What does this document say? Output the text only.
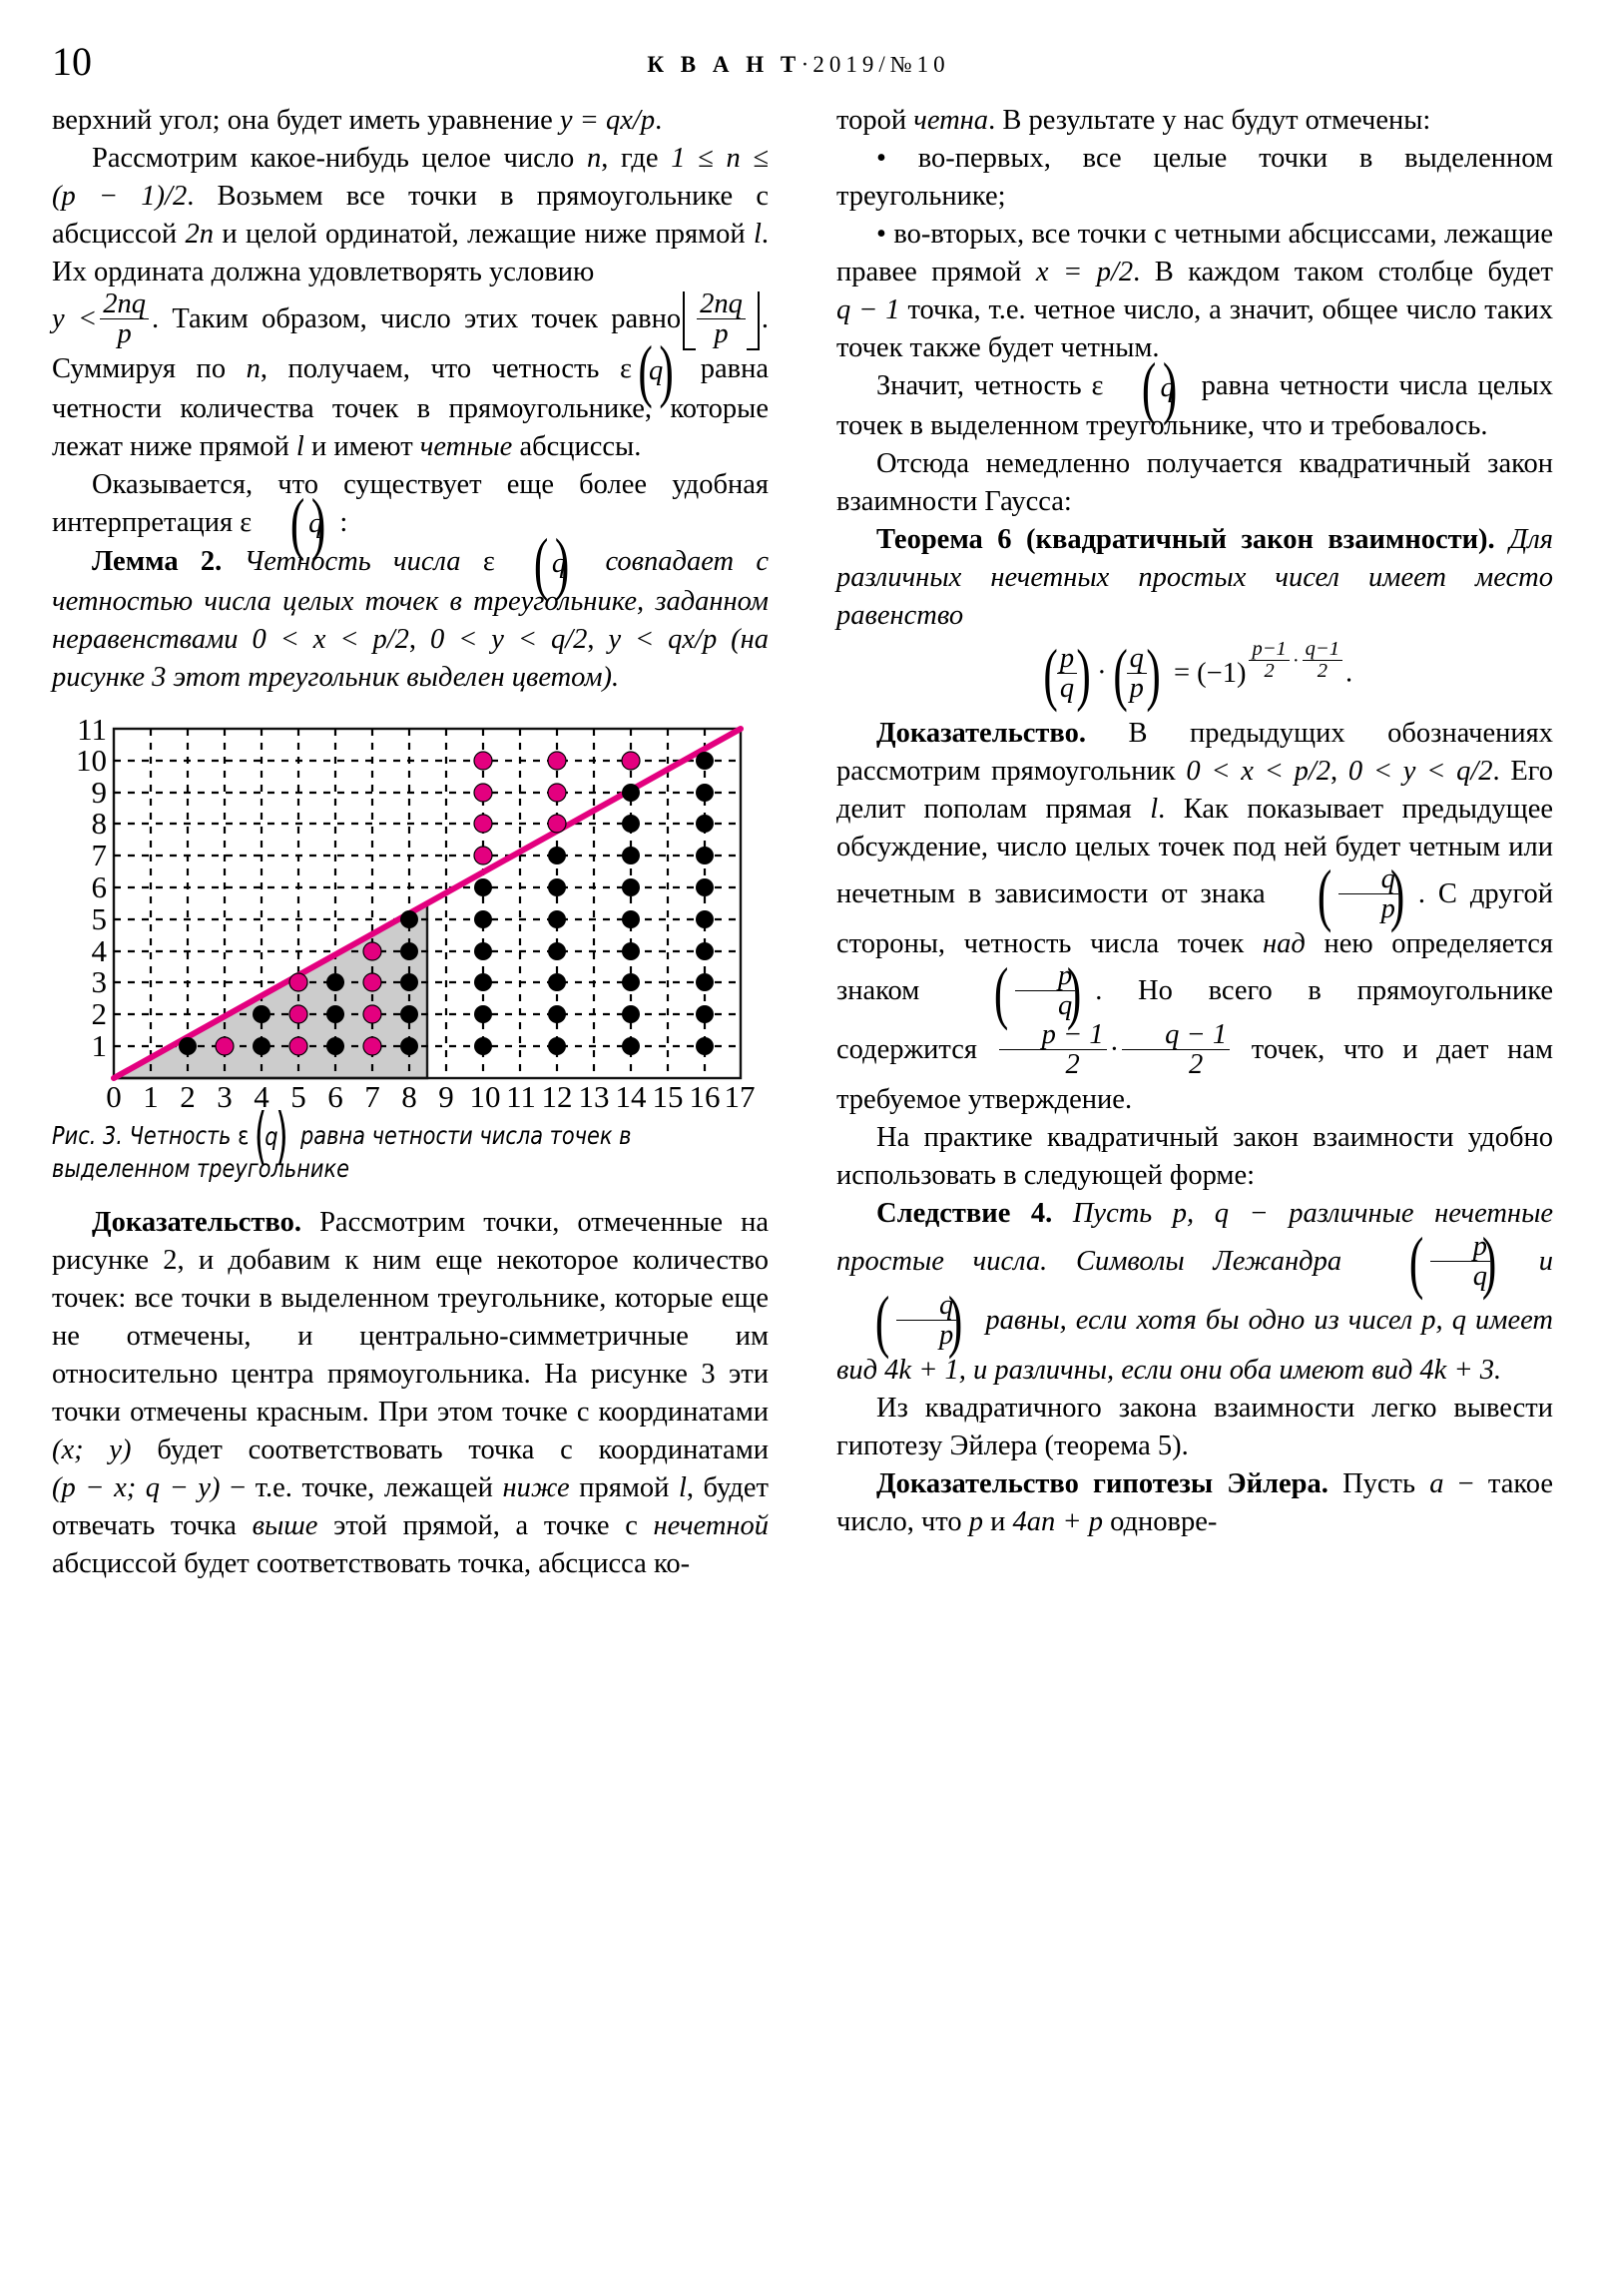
10	К В А Н Т·2019/№10

верхний угол; она будет иметь уравнение y = qx/p.

Рассмотрим какое-нибудь целое число n, где 1 ≤ n ≤ (p − 1)/2. Возьмем все точки в прямоугольнике с абсциссой 2n и целой ординатой, лежащие ниже прямой l. Их ордината должна удовлетворять условию

$y < \frac{2nq}{p}$ . Таким образом, число этих точек равно $\frac{2nq}{p}$ . Суммируя по n, получаем, что четность ε ( q ) равна четности количества точек в прямоугольнике, которые лежат ниже прямой l и имеют четные абсциссы.

Оказывается, что существует еще более удобная интерпретация ε ( q ) :

Лемма 2. Четность числа ε ( q ) совпадает с четностью числа целых точек в треугольнике, заданном неравенствами 0 < x < p/2, 0 < y < q/2, y < qx/p (на рисунке 3 этот треугольник выделен цветом).

1
2
3
4
5
6
7
8
9
10
11
0 1 2 3 4 5 6 7 8 9 10 11 12 13 14 15 16 17
Рис. 3. Четность ε ( q ) равна четности числа точек в выделенном треугольнике

Доказательство. Рассмотрим точки, отмеченные на рисунке 2, и добавим к ним еще некоторое количество точек: все точки в выделенном треугольнике, которые еще не отмечены, и центрально-симметричные им относительно центра прямоугольника. На рисунке 3 эти точки отмечены красным. При этом точке с координатами (x; y) будет соответствовать точка с координатами (p − x; q − y) − т.е. точке, лежащей ниже прямой l, будет отвечать точка выше этой прямой, а точке с нечетной абсциссой будет соответствовать точка, абсцисса ко-

торой четна. В результате у нас будут отмечены:

• во-первых, все целые точки в выделенном треугольнике;

• во-вторых, все точки с четными абсциссами, лежащие правее прямой x = p/2. В каждом таком столбце будет q − 1 точка, т.е. четное число, а значит, общее число таких точек также будет четным.

Значит, четность ε ( q ) равна четности числа целых точек в выделенном треугольнике, что и требовалось.

Отсюда немедленно получается квадратичный закон взаимности Гаусса:

Теорема 6 (квадратичный закон взаимности). Для различных нечетных простых чисел имеет место равенство

( $\frac{p}{q}$
) · ( $\frac{q}{p}$
) = $(-1) \frac{p-1}{2} \cdot \frac{q-1}{2}$ .

Доказательство. В предыдущих обозначениях рассмотрим прямоугольник 0 < x < p/2, 0 < y < q/2. Его делит пополам прямая l. Как показывает предыдущее обсуждение, число целых точек под ней будет четным или нечетным в зависимости от знака	( $\frac{q}{p}$
) . С другой стороны, четность числа точек над нею определяется знаком	( $\frac{p}{q}$
) . Но всего в прямоугольнике содержится $\frac{p - 1}{2} \cdot \frac{q - 1}{2}$ точек, что и дает нам требуемое утверждение.

На практике квадратичный закон взаимности удобно использовать в следующей форме:

Следствие 4. Пусть p, q − различные нечетные простые числа. Символы Лежандра	( $\frac{p}{q}$
) и
( $\frac{q}{p}$
) равны, если хотя бы одно из чисел p, q имеет вид 4k + 1, и различны, если они оба имеют вид 4k + 3.

Из квадратичного закона взаимности легко вывести гипотезу Эйлера (теорема 5).

Доказательство гипотезы Эйлера. Пусть a − такое число, что p и 4an + p одновре-
